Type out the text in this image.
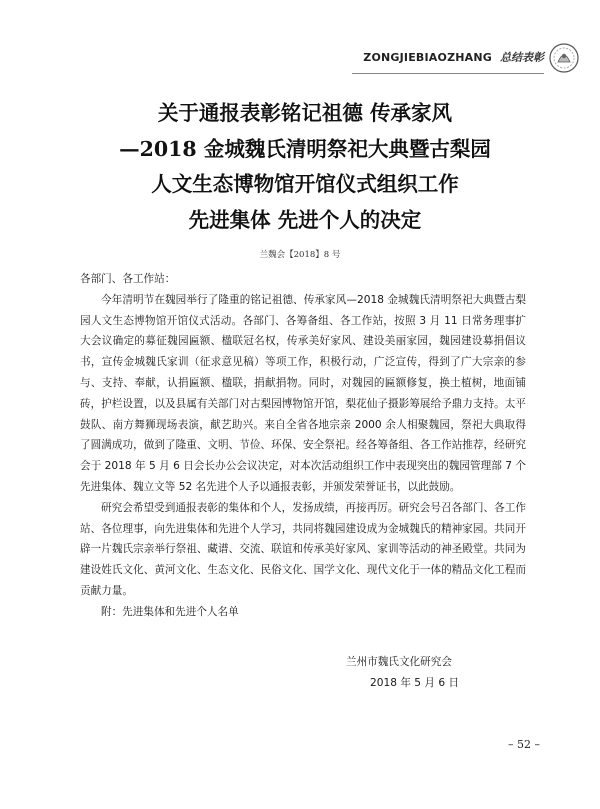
ZONGJIEBIAOZHANG 总结表彰
关于通报表彰铭记祖德 传承家风
—2018 金城魏氏清明祭祀大典暨古梨园
人文生态博物馆开馆仪式组织工作
先进集体 先进个人的决定
兰魏会【2018】8 号

各部门、各工作站：

今年清明节在魏园举行了隆重的铭记祖德、传承家风—2018 金城魏氏清明祭祀大典暨古梨园人文生态博物馆开馆仪式活动。各部门、各筹备组、各工作站，按照 3 月 11 日常务理事扩大会议确定的募征魏园匾额、楹联冠名权，传承美好家风、建设美丽家园，魏园建设募捐倡议书，宣传金城魏氏家训（征求意见稿）等项工作，积极行动，广泛宣传，得到了广大宗亲的参与、支持、奉献，认捐匾额、楹联，捐献捐物。同时，对魏园的匾额修复，换土植树，地面铺砖，护栏设置，以及县属有关部门对古梨园博物馆开馆，梨花仙子摄影筹展给予鼎力支持。太平鼓队、南方舞狮现场表演，献艺助兴。来自全省各地宗亲 2000 余人相聚魏园，祭祀大典取得了圆满成功，做到了隆重、文明、节俭、环保、安全祭祀。经各筹备组、各工作站推荐，经研究会于 2018 年 5 月 6 日会长办公会议决定，对本次活动组织工作中表现突出的魏园管理部 7 个先进集体、魏立文等 52 名先进个人予以通报表彰，并颁发荣誉证书，以此鼓励。

研究会希望受到通报表彰的集体和个人，发扬成绩，再接再厉。研究会号召各部门、各工作站、各位理事，向先进集体和先进个人学习，共同将魏园建设成为金城魏氏的精神家园。共同开辟一片魏氏宗亲举行祭祖、藏谱、交流、联谊和传承美好家风、家训等活动的神圣殿堂。共同为建设姓氏文化、黄河文化、生态文化、民俗文化、国学文化、现代文化于一体的精品文化工程而贡献力量。

附：先进集体和先进个人名单

兰州市魏氏文化研究会
2018 年 5 月 6 日
– 52 –
